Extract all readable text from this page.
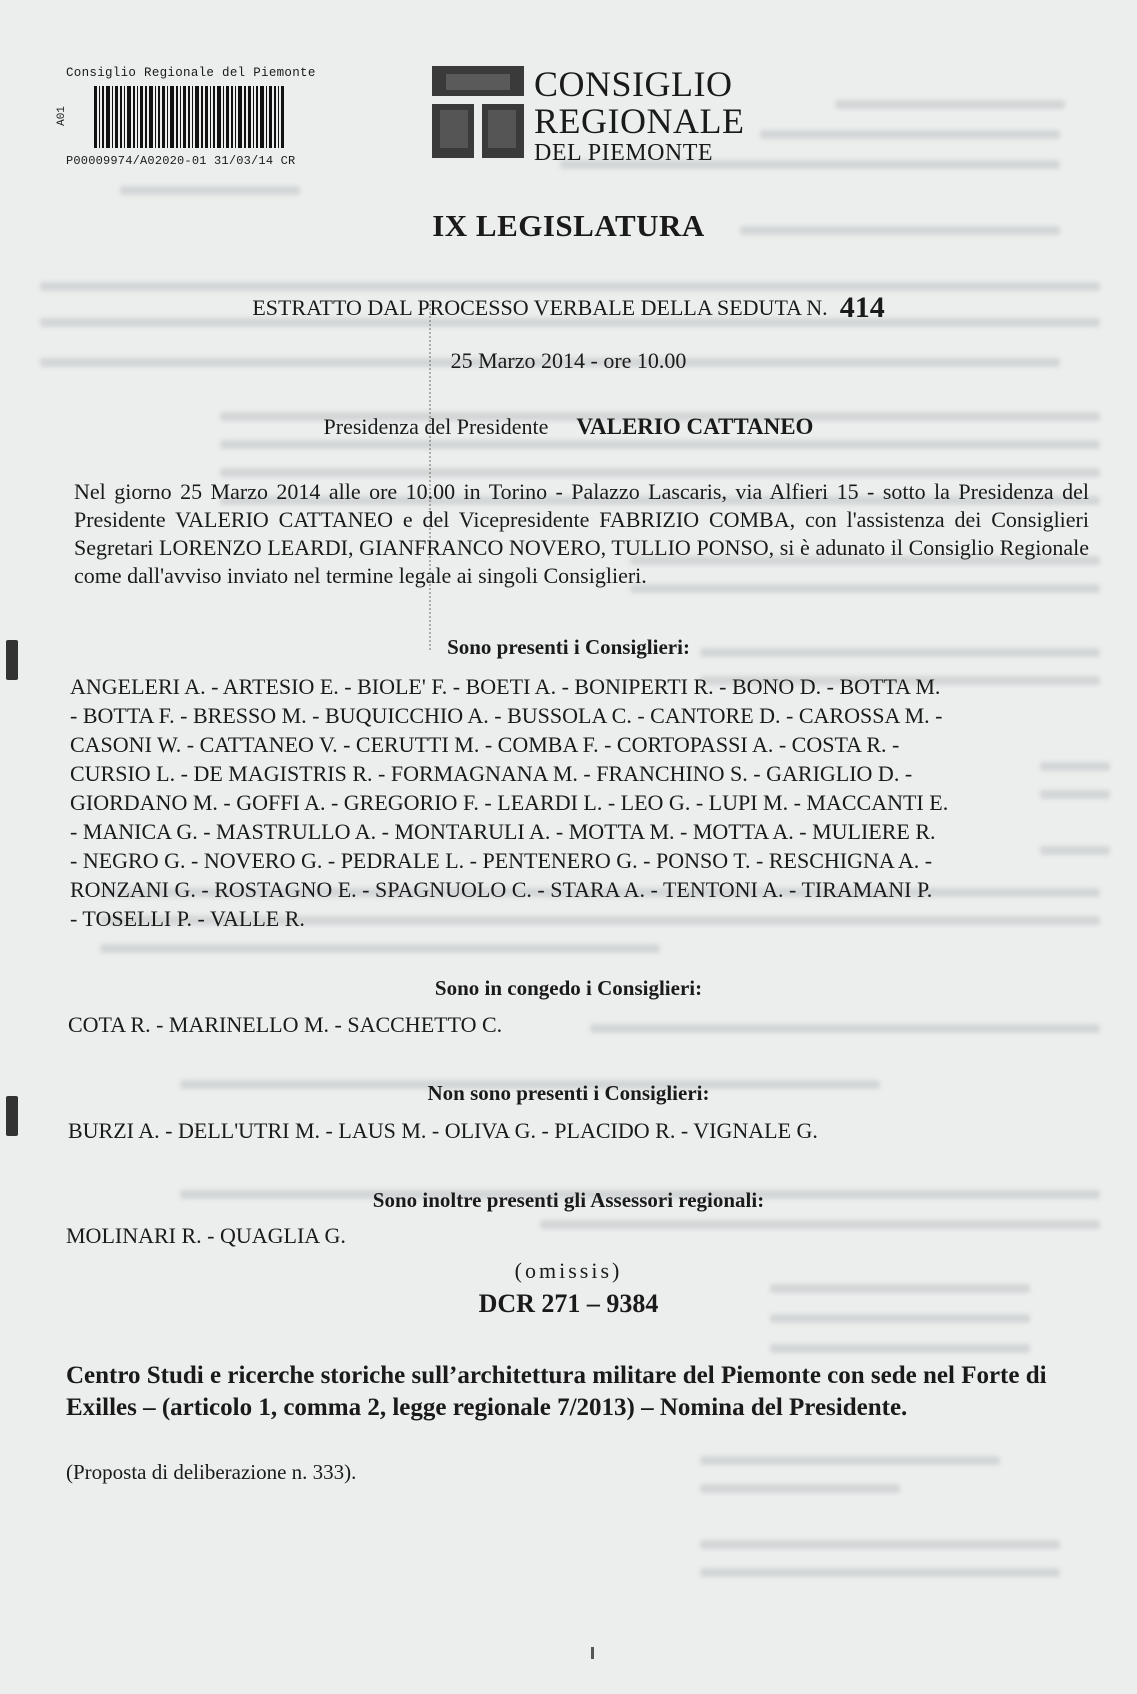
Consiglio Regionale del Piemonte
A01
P00009974/A02020-01 31/03/14 CR
CONSIGLIO
REGIONALE
DEL PIEMONTE
IX LEGISLATURA
ESTRATTO DAL PROCESSO VERBALE DELLA SEDUTA N. 414
25 Marzo 2014 - ore 10.00
Presidenza del Presidente VALERIO CATTANEO
Nel giorno 25 Marzo 2014 alle ore 10.00 in Torino - Palazzo Lascaris, via Alfieri 15 - sotto la Presidenza del Presidente VALERIO CATTANEO e del Vicepresidente FABRIZIO COMBA, con l'assistenza dei Consiglieri Segretari LORENZO LEARDI, GIANFRANCO NOVERO, TULLIO PONSO, si è adunato il Consiglio Regionale come dall'avviso inviato nel termine legale ai singoli Consiglieri.
Sono presenti i Consiglieri:

ANGELERI A. - ARTESIO E. - BIOLE' F. - BOETI A. - BONIPERTI R. - BONO D. - BOTTA M.

- BOTTA F. - BRESSO M. - BUQUICCHIO A. - BUSSOLA C. - CANTORE D. - CAROSSA M. -

CASONI W. - CATTANEO V. - CERUTTI M. - COMBA F. - CORTOPASSI A. - COSTA R. -

CURSIO L. - DE MAGISTRIS R. - FORMAGNANA M. - FRANCHINO S. - GARIGLIO D. -

GIORDANO M. - GOFFI A. - GREGORIO F. - LEARDI L. - LEO G. - LUPI M. - MACCANTI E.

- MANICA G. - MASTRULLO A. - MONTARULI A. - MOTTA M. - MOTTA A. - MULIERE R.

- NEGRO G. - NOVERO G. - PEDRALE L. - PENTENERO G. - PONSO T. - RESCHIGNA A. -

RONZANI G. - ROSTAGNO E. - SPAGNUOLO C. - STARA A. - TENTONI A. - TIRAMANI P.

- TOSELLI P. - VALLE R.

Sono in congedo i Consiglieri:
COTA R. - MARINELLO M. - SACCHETTO C.
Non sono presenti i Consiglieri:
BURZI A. - DELL'UTRI M. - LAUS M. - OLIVA G. - PLACIDO R. - VIGNALE G.
Sono inoltre presenti gli Assessori regionali:
MOLINARI R. - QUAGLIA G.
(omissis)
DCR 271 – 9384
Centro Studi e ricerche storiche sull’architettura militare del Piemonte con sede nel Forte di Exilles – (articolo 1, comma 2, legge regionale 7/2013) – Nomina del Presidente.
(Proposta di deliberazione n. 333).
